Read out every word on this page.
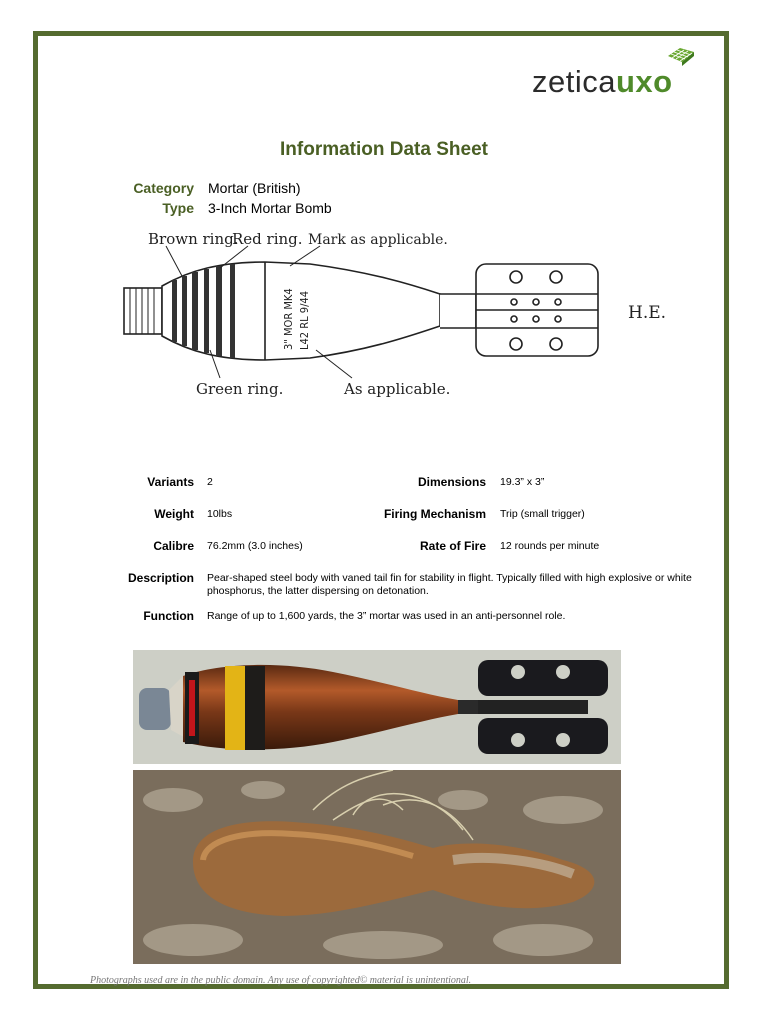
zeticauxo
Information Data Sheet
Category Mortar (British)
Type 3-Inch Mortar Bomb
Brown ring.
Red ring. Mark as applicable.
Green ring.	As applicable.
H.E.
3" MOR MK4 L42 RL 9/44
Variants 2	Dimensions 19.3” x 3”
Weight 10lbs	Firing Mechanism Trip (small trigger)
Calibre 76.2mm (3.0 inches)	Rate of Fire 12 rounds per minute
Description Pear-shaped steel body with vaned tail fin for stability in flight. Typically filled with high explosive or white phosphorus, the latter dispersing on detonation.
Function Range of up to 1,600 yards, the 3” mortar was used in an anti-personnel role.
Photographs used are in the public domain. Any use of copyrighted© material is unintentional.
